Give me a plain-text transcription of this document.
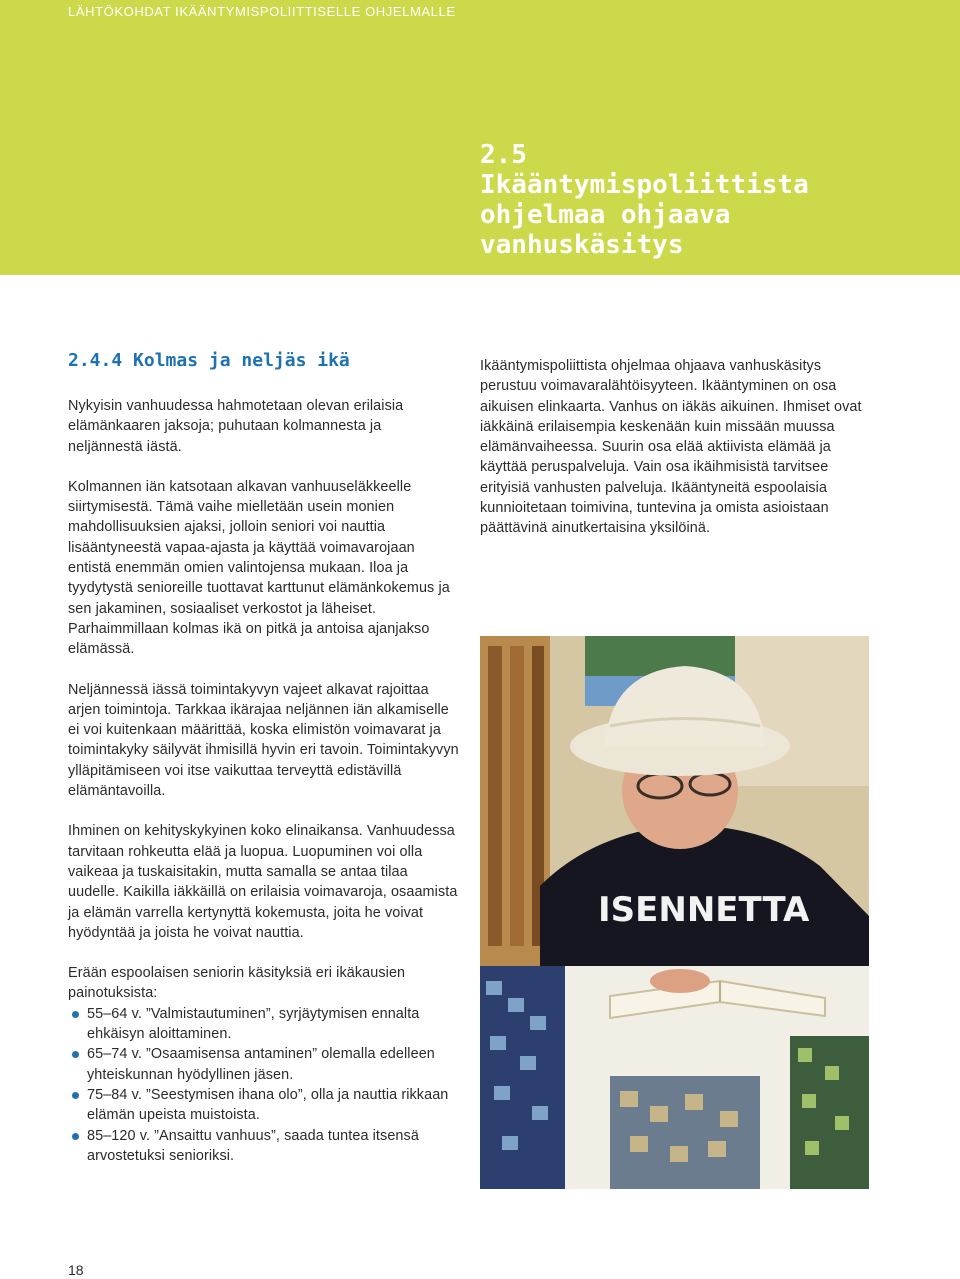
LÄHTÖKOHDAT IKÄÄNTYMISPOLIITTISELLE OHJELMALLE
2.5
Ikääntymispoliittista
ohjelmaa ohjaava
vanhuskäsitys
2.4.4 Kolmas ja neljäs ikä

Nykyisin vanhuudessa hahmotetaan olevan erilaisia elämänkaaren jaksoja; puhutaan kolmannesta ja neljännestä iästä.

Kolmannen iän katsotaan alkavan vanhuuseläkkeelle siirtymisestä. Tämä vaihe mielletään usein monien mahdollisuuksien ajaksi, jolloin seniori voi nauttia lisääntyneestä vapaa-ajasta ja käyttää voimavarojaan entistä enemmän omien valintojensa mukaan. Iloa ja tyydytystä senioreille tuottavat karttunut elämänkokemus ja sen jakaminen, sosiaaliset verkostot ja läheiset. Parhaimmillaan kolmas ikä on pitkä ja antoisa ajanjakso elämässä.

Neljännessä iässä toimintakyvyn vajeet alkavat rajoittaa arjen toimintoja. Tarkkaa ikärajaa neljännen iän alkamiselle ei voi kuitenkaan määrittää, koska elimistön voimavarat ja toimintakyky säilyvät ihmisillä hyvin eri tavoin. Toimintakyvyn ylläpitämiseen voi itse vaikuttaa terveyttä edistävillä elämäntavoilla.

Ihminen on kehityskykyinen koko elinaikansa. Vanhuudessa tarvitaan rohkeutta elää ja luopua. Luopuminen voi olla vaikeaa ja tuskaisitakin, mutta samalla se antaa tilaa uudelle. Kaikilla iäkkäillä on erilaisia voimavaroja, osaamista ja elämän varrella kertynyttä kokemusta, joita he voivat hyödyntää ja joista he voivat nauttia.

Erään espoolaisen seniorin käsityksiä eri ikäkausien painotuksista:

55–64 v. ”Valmistautuminen”, syrjäytymisen ennalta ehkäisyn aloittaminen.
65–74 v. ”Osaamisensa antaminen” olemalla edelleen yhteiskunnan hyödyllinen jäsen.
75–84 v. ”Seestymisen ihana olo”, olla ja nauttia rikkaan elämän upeista muistoista.
85–120 v. ”Ansaittu vanhuus”, saada tuntea itsensä arvostetuksi senioriksi.

Ikääntymispoliittista ohjelmaa ohjaava vanhuskäsitys perustuu voimavaralähtöisyyteen. Ikääntyminen on osa aikuisen elinkaarta. Vanhus on iäkäs aikuinen. Ihmiset ovat iäkkäinä erilaisempia keskenään kuin missään muussa elämänvaiheessa. Suurin osa elää aktiivista elämää ja käyttää peruspalveluja. Vain osa ikäihmisistä tarvitsee erityisiä vanhusten palveluja. Ikääntyneitä espoolaisia kunnioitetaan toimivina, tuntevina ja omista asioistaan päättävinä ainutkertaisina yksilöinä.

ISENNETTA
18
